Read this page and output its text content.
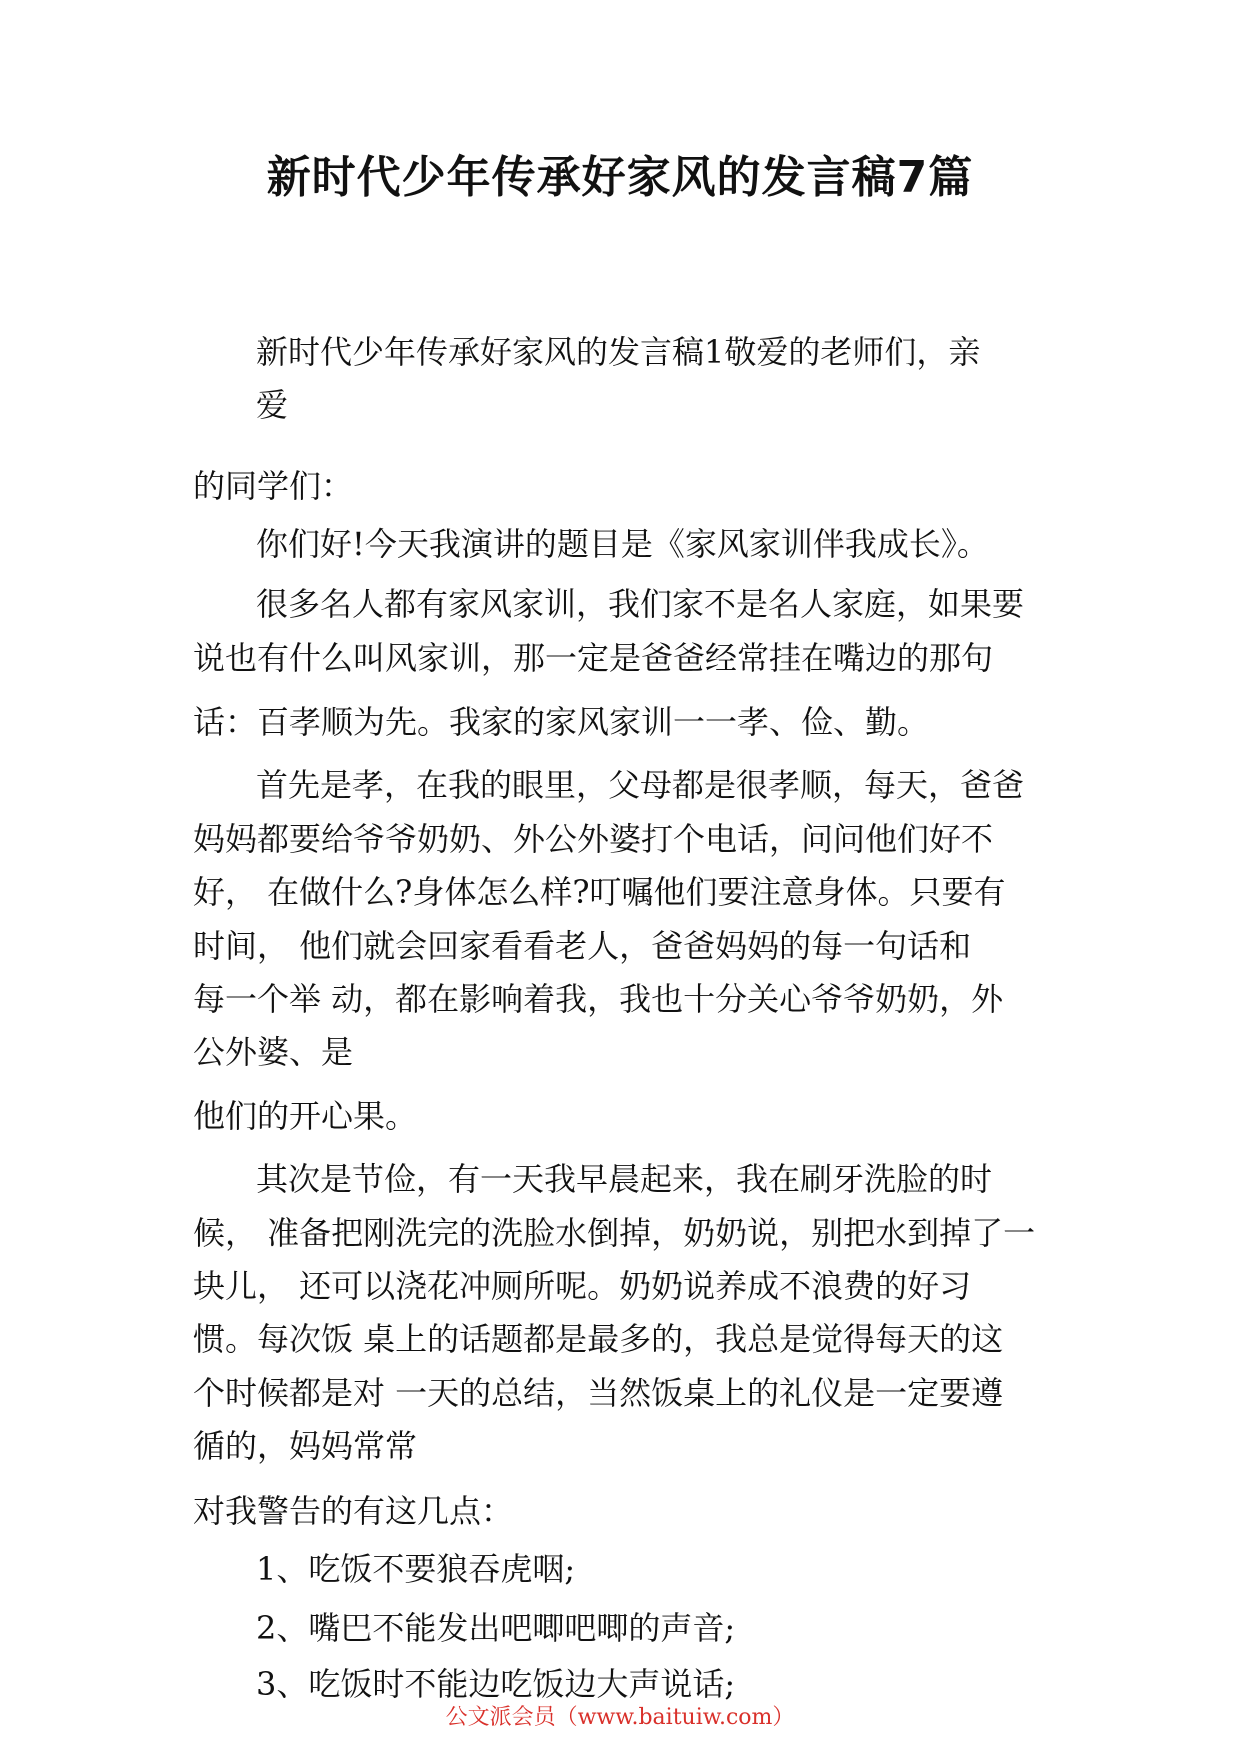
新时代少年传承好家风的发言稿7篇

新时代少年传承好家风的发言稿1敬爱的老师们，亲

爱

的同学们：

你们好!今天我演讲的题目是《家风家训伴我成长》。

很多名人都有家风家训，我们家不是名人家庭，如果要

说也有什么叫风家训，那一定是爸爸经常挂在嘴边的那句

话：百孝顺为先。我家的家风家训一一孝、俭、勤。

首先是孝，在我的眼里，父母都是很孝顺，每天，爸爸

妈妈都要给爷爷奶奶、外公外婆打个电话，问问他们好不

好， 在做什么?身体怎么样?叮嘱他们要注意身体。只要有

时间， 他们就会回家看看老人，爸爸妈妈的每一句话和

每一个举 动，都在影响着我，我也十分关心爷爷奶奶，外

公外婆、是

他们的开心果。

其次是节俭，有一天我早晨起来，我在刷牙洗脸的时

候， 准备把刚洗完的洗脸水倒掉，奶奶说，别把水到掉了一

块儿， 还可以浇花冲厕所呢。奶奶说养成不浪费的好习

惯。每次饭 桌上的话题都是最多的，我总是觉得每天的这

个时候都是对 一天的总结，当然饭桌上的礼仪是一定要遵

循的，妈妈常常

对我警告的有这几点：

1、吃饭不要狼吞虎咽;

2、嘴巴不能发出吧唧吧唧的声音;

3、吃饭时不能边吃饭边大声说话;

公文派会员（www.baituiw.com）
